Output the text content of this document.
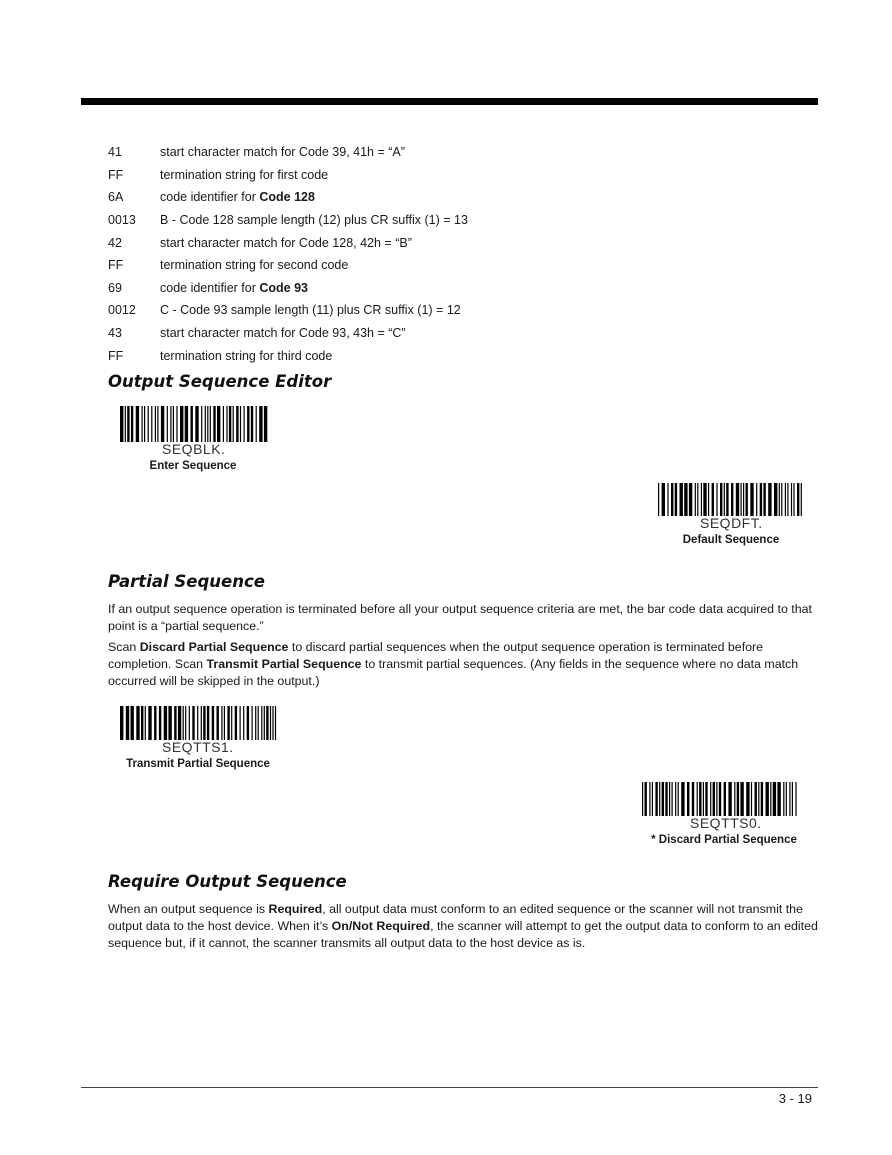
41	start character match for Code 39, 41h = “A”
FF	termination string for first code
6A	code identifier for Code 128
0013	B - Code 128 sample length (12) plus CR suffix (1) = 13
42	start character match for Code 128, 42h = “B”
FF	termination string for second code
69	code identifier for Code 93
0012	C - Code 93 sample length (11) plus CR suffix (1) = 12
43	start character match for Code 93, 43h = “C”
FF	termination string for third code
Output Sequence Editor
SEQBLK.
Enter Sequence
SEQDFT.
Default Sequence
Partial Sequence

If an output sequence operation is terminated before all your output sequence criteria are met, the bar code data acquired to that point is a “partial sequence.”

Scan Discard Partial Sequence to discard partial sequences when the output sequence operation is terminated before completion. Scan Transmit Partial Sequence to transmit partial sequences. (Any fields in the sequence where no data match occurred will be skipped in the output.)

SEQTTS1.
Transmit Partial Sequence
SEQTTS0.
* Discard Partial Sequence
Require Output Sequence

When an output sequence is Required, all output data must conform to an edited sequence or the scanner will not transmit the output data to the host device. When it’s On/Not Required, the scanner will attempt to get the output data to conform to an edited sequence but, if it cannot, the scanner transmits all output data to the host device as is.

3 - 19
